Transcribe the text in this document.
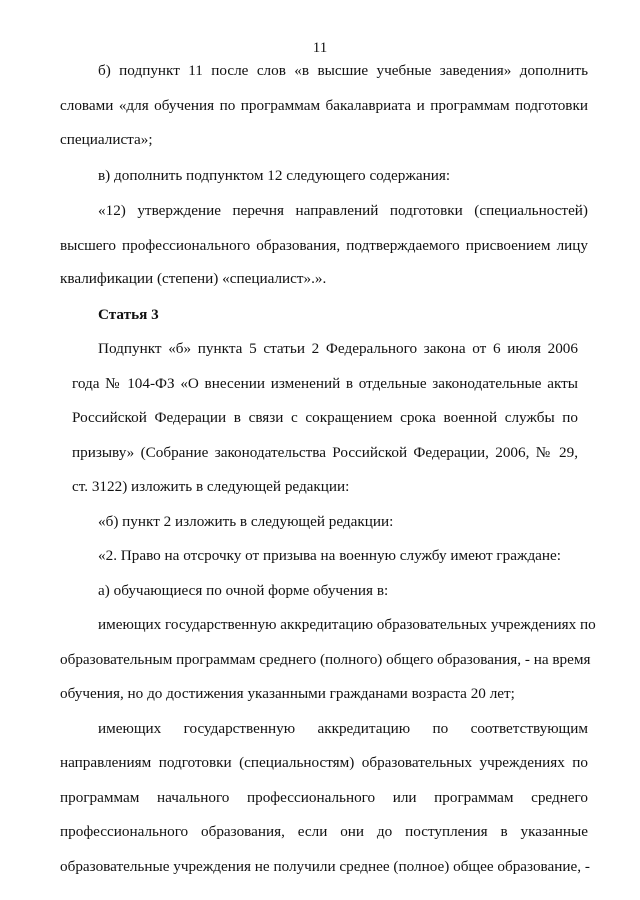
11
б) подпункт 11 после слов «в высшие учебные заведения» дополнить
словами «для обучения по программам бакалавриата и программам подготовки
специалиста»;
в) дополнить подпунктом 12 следующего содержания:
«12) утверждение перечня направлений подготовки (специальностей)
высшего профессионального образования, подтверждаемого присвоением лицу
квалификации (степени) «специалист».».
Статья 3
Подпункт «б» пункта 5 статьи 2 Федерального закона от 6 июля 2006
года № 104-ФЗ «О внесении изменений в отдельные законодательные акты
Российской Федерации в связи с сокращением срока военной службы по
призыву» (Собрание законодательства Российской Федерации, 2006, № 29,
ст. 3122) изложить в следующей редакции:
«б) пункт 2 изложить в следующей редакции:
«2. Право на отсрочку от призыва на военную службу имеют граждане:
а) обучающиеся по очной форме обучения в:
имеющих государственную аккредитацию образовательных учреждениях по
образовательным программам среднего (полного) общего образования, - на время
обучения, но до достижения указанными гражданами возраста 20 лет;
имеющих государственную аккредитацию по соответствующим
направлениям подготовки (специальностям) образовательных учреждениях по
программам начального профессионального или программам среднего
профессионального образования, если они до поступления в указанные
образовательные учреждения не получили среднее (полное) общее образование, -
